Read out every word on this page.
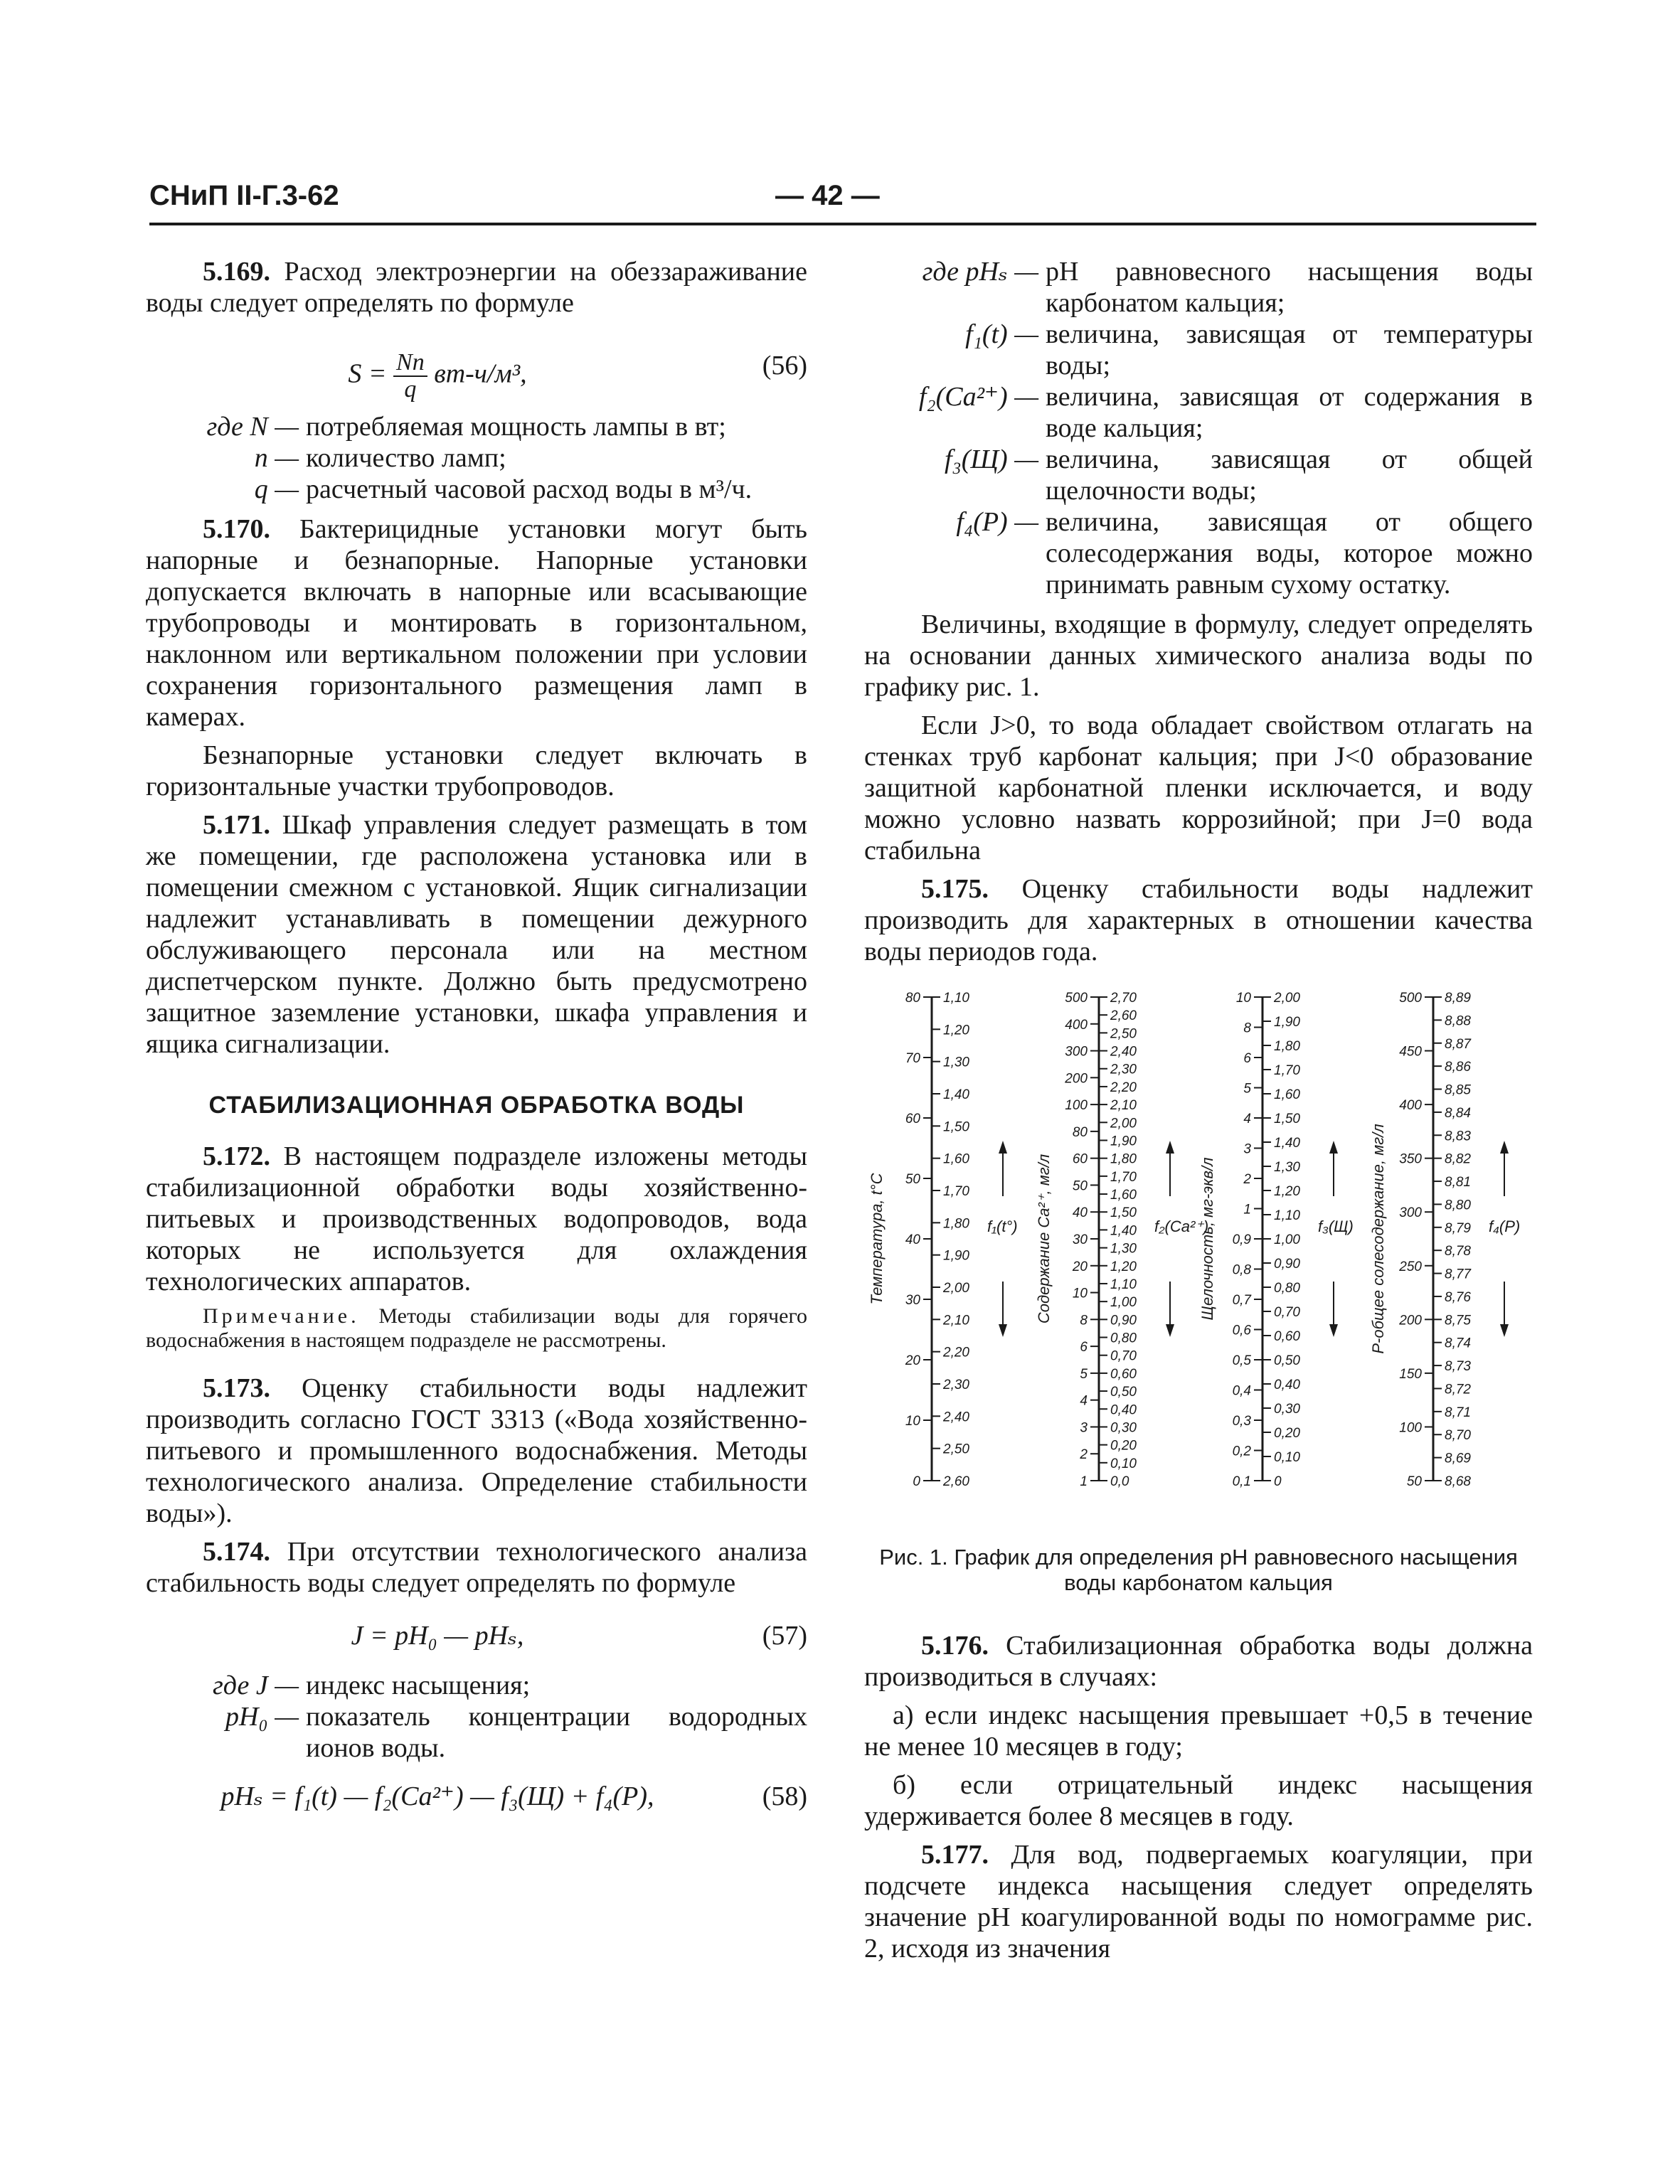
СНиП II-Г.3-62	— 42 —

5.169. Расход электроэнергии на обеззараживание воды следует определять по формуле

$S = \frac{Nn}{q} вт-ч/м^3$,	(56)
где N — потребляемая мощность лампы в вт;
n — количество ламп;
q — расчетный часовой расход воды в м³/ч.

5.170. Бактерицидные установки могут быть напорные и безнапорные. Напорные установки допускается включать в напорные или всасывающие трубопроводы и монтировать в горизонтальном, наклонном или вертикальном положении при условии сохранения горизонтального размещения ламп в камерах.

Безнапорные установки следует включать в горизонтальные участки трубопроводов.

5.171. Шкаф управления следует размещать в том же помещении, где расположена установка или в помещении смежном с установкой. Ящик сигнализации надлежит устанавливать в помещении дежурного обслуживающего персонала или на местном диспетчерском пункте. Должно быть предусмотрено защитное заземление установки, шкафа управления и ящика сигнализации.

СТАБИЛИЗАЦИОННАЯ ОБРАБОТКА ВОДЫ

5.172. В настоящем подразделе изложены методы стабилизационной обработки воды хозяйственно-питьевых и производственных водопроводов, вода которых не используется для охлаждения технологических аппаратов.

Примечание. Методы стабилизации воды для горячего водоснабжения в настоящем подразделе не рассмотрены.

5.173. Оценку стабильности воды надлежит производить согласно ГОСТ 3313 («Вода хозяйственно-питьевого и промышленного водоснабжения. Методы технологического анализа. Определение стабильности воды»).

5.174. При отсутствии технологического анализа стабильность воды следует определять по формуле

J = pH₀ — pHₛ,	(57)
где J — индекс насыщения;
pH₀ — показатель концентрации водородных ионов воды.
pHₛ = f₁(t) — f₂(Ca²⁺) — f₃(Щ) + f₄(P),	(58)
где pHₛ — pH равновесного насыщения воды карбонатом кальция;
f₁(t) — величина, зависящая от температуры воды;
f₂(Ca²⁺) — величина, зависящая от содержания в воде кальция;
f₃(Щ) — величина, зависящая от общей щелочности воды;
f₄(P) — величина, зависящая от общего солесодержания воды, которое можно принимать равным сухому остатку.

Величины, входящие в формулу, следует определять на основании данных химического анализа воды по графику рис. 1.

Если J>0, то вода обладает свойством отлагать на стенках труб карбонат кальция; при J<0 образование защитной карбонатной пленки исключается, и воду можно условно назвать коррозийной; при J=0 вода стабильна

5.175. Оценку стабильности воды надлежит производить для характерных в отношении качества воды периодов года.

1,10
1,20
1,30
1,40
1,50
1,60
1,70
1,80
1,90
2,00
2,10
2,20
2,30
2,40
2,50
2,60
80
70
60
50
40
30
20
10
0
Температура, t°C	f₁(t°)
2,70
2,60
2,50
2,40
2,30
2,20
2,10
2,00
1,90
1,80
1,70
1,60
1,50
1,40
1,30
1,20
1,10
1,00
0,90
0,80
0,70
0,60
0,50
0,40
0,30
0,20
0,10
0,0
500
400
300
200
100
80
60
50
40
30
20
10
8
6
5
4
3
2
1
Содержание Ca²⁺, мг/л	f₂(Ca²⁺)
2,00
1,90
1,80
1,70
1,60
1,50
1,40
1,30
1,20
1,10
1,00
0,90
0,80
0,70
0,60
0,50
0,40
0,30
0,20
0,10
0
10
8
6
5
4
3
2
1
0,9
0,8
0,7
0,6
0,5
0,4
0,3
0,2
0,1
Щелочность, мг-экв/л	f₃(Щ)
8,89
8,88
8,87
8,86
8,85
8,84
8,83
8,82
8,81
8,80
8,79
8,78
8,77
8,76
8,75
8,74
8,73
8,72
8,71
8,70
8,69
8,68
500
450
400
350
300
250
200
150
100
50
P-общее солесодержание, мг/л	f₄(P)
Рис. 1. График для определения pH равновесного насыщения воды карбонатом кальция

5.176. Стабилизационная обработка воды должна производиться в случаях:

а) если индекс насыщения превышает +0,5 в течение не менее 10 месяцев в году;

б) если отрицательный индекс насыщения удерживается более 8 месяцев в году.

5.177. Для вод, подвергаемых коагуляции, при подсчете индекса насыщения следует определять значение pH коагулированной воды по номограмме рис. 2, исходя из значения
